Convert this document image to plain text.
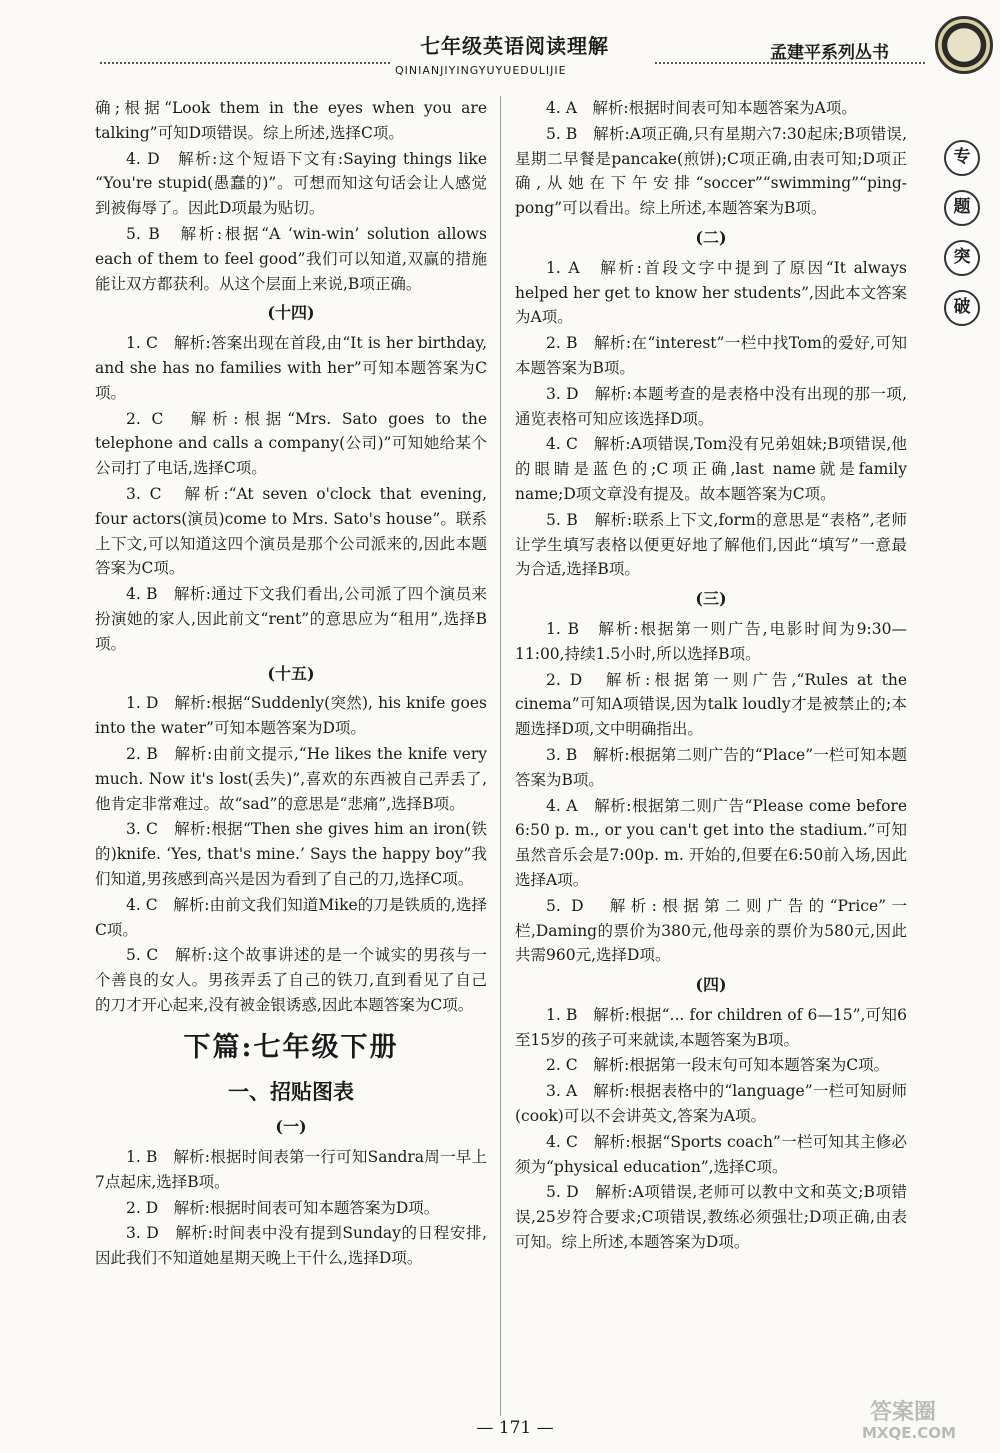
七年级英语阅读理解
QINIANJIYINGYUYUEDULIJIE
孟建平系列丛书
专
题
突
破

确;根据“Look them in the eyes when you are talking”可知D项错误。综上所述,选择C项。

4. D　解析:这个短语下文有:Saying things like “You're stupid(愚蠢的)”。可想而知这句话会让人感觉到被侮辱了。因此D项最为贴切。

5. B　解析:根据“A ‘win-win’ solution allows each of them to feel good”我们可以知道,双赢的措施能让双方都获利。从这个层面上来说,B项正确。

(十四)

1. C　解析:答案出现在首段,由“It is her birthday, and she has no families with her”可知本题答案为C项。

2. C　解析:根据“Mrs. Sato goes to the telephone and calls a company(公司)”可知她给某个公司打了电话,选择C项。

3. C　解析:“At seven o'clock that evening, four actors(演员)come to Mrs. Sato's house”。联系上下文,可以知道这四个演员是那个公司派来的,因此本题答案为C项。

4. B　解析:通过下文我们看出,公司派了四个演员来扮演她的家人,因此前文“rent”的意思应为“租用”,选择B项。

(十五)

1. D　解析:根据“Suddenly(突然), his knife goes into the water”可知本题答案为D项。

2. B　解析:由前文提示,“He likes the knife very much. Now it's lost(丢失)”,喜欢的东西被自己弄丢了,他肯定非常难过。故“sad”的意思是“悲痛”,选择B项。

3. C　解析:根据“Then she gives him an iron(铁的)knife. ‘Yes, that's mine.’ Says the happy boy”我们知道,男孩感到高兴是因为看到了自己的刀,选择C项。

4. C　解析:由前文我们知道Mike的刀是铁质的,选择C项。

5. C　解析:这个故事讲述的是一个诚实的男孩与一个善良的女人。男孩弄丢了自己的铁刀,直到看见了自己的刀才开心起来,没有被金银诱惑,因此本题答案为C项。

下篇:七年级下册
一、招贴图表
(一)

1. B　解析:根据时间表第一行可知Sandra周一早上7点起床,选择B项。

2. D　解析:根据时间表可知本题答案为D项。

3. D　解析:时间表中没有提到Sunday的日程安排,因此我们不知道她星期天晚上干什么,选择D项。

4. A　解析:根据时间表可知本题答案为A项。

5. B　解析:A项正确,只有星期六7:30起床;B项错误,星期二早餐是pancake(煎饼);C项正确,由表可知;D项正确,从她在下午安排“soccer”“swimming”“ping-pong”可以看出。综上所述,本题答案为B项。

(二)

1. A　解析:首段文字中提到了原因“It always helped her get to know her students”,因此本文答案为A项。

2. B　解析:在“interest”一栏中找Tom的爱好,可知本题答案为B项。

3. D　解析:本题考查的是表格中没有出现的那一项,通览表格可知应该选择D项。

4. C　解析:A项错误,Tom没有兄弟姐妹;B项错误,他的眼睛是蓝色的;C项正确,last name就是family name;D项文章没有提及。故本题答案为C项。

5. B　解析:联系上下文,form的意思是“表格”,老师让学生填写表格以便更好地了解他们,因此“填写”一意最为合适,选择B项。

(三)

1. B　解析:根据第一则广告,电影时间为9:30—11:00,持续1.5小时,所以选择B项。

2. D　解析:根据第一则广告,“Rules at the cinema”可知A项错误,因为talk loudly才是被禁止的;本题选择D项,文中明确指出。

3. B　解析:根据第二则广告的“Place”一栏可知本题答案为B项。

4. A　解析:根据第二则广告“Please come before 6:50 p. m., or you can't get into the stadium.”可知虽然音乐会是7:00p. m. 开始的,但要在6:50前入场,因此选择A项。

5. D　解析:根据第二则广告的“Price”一栏,Daming的票价为380元,他母亲的票价为580元,因此共需960元,选择D项。

(四)

1. B　解析:根据“... for children of 6—15”,可知6至15岁的孩子可来就读,本题答案为B项。

2. C　解析:根据第一段末句可知本题答案为C项。

3. A　解析:根据表格中的“language”一栏可知厨师(cook)可以不会讲英文,答案为A项。

4. C　解析:根据“Sports coach”一栏可知其主修必须为“physical education”,选择C项。

5. D　解析:A项错误,老师可以教中文和英文;B项错误,25岁符合要求;C项错误,教练必须强壮;D项正确,由表可知。综上所述,本题答案为D项。

— 171 —
答案圈
MXQE.COM
